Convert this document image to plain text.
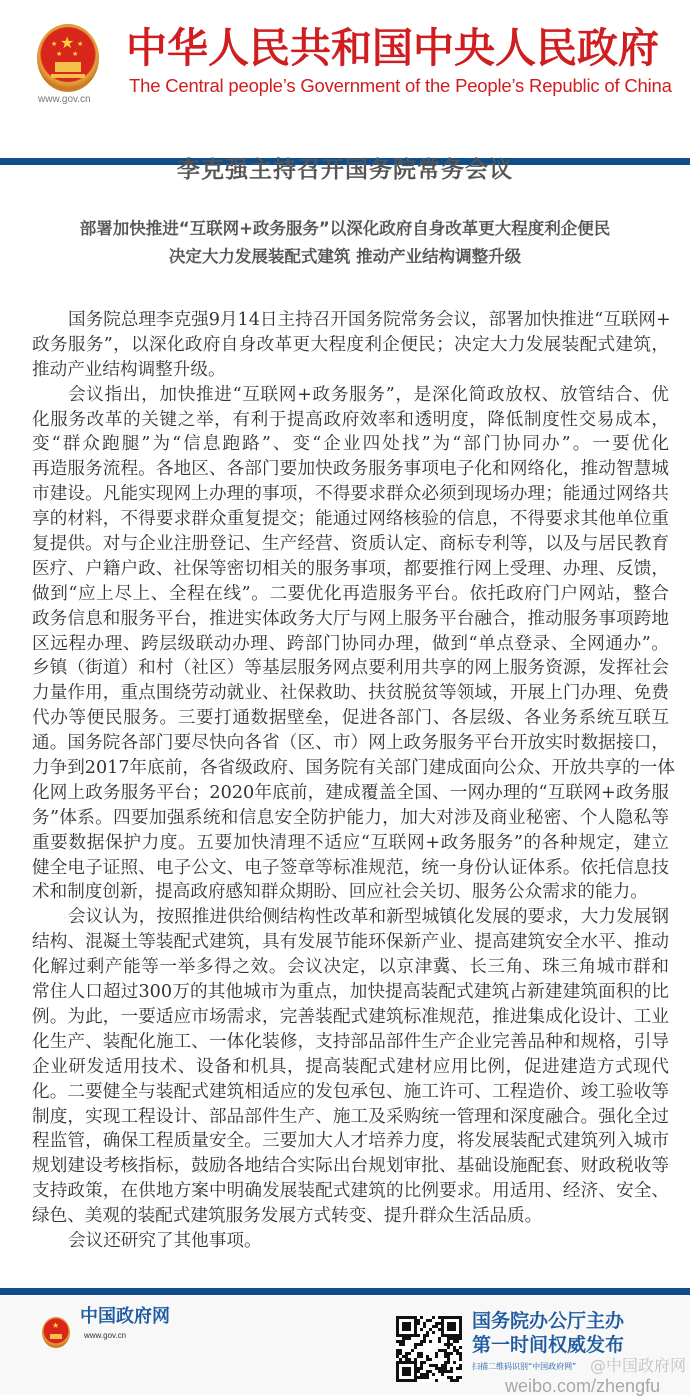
★
★	★
★ ★
www.gov.cn
中华人民共和国中央人民政府
The Central people’s Government of the People’s Republic of China
李克强主持召开国务院常务会议
部署加快推进“互联网+政务服务”以深化政府自身改革更大程度利企便民
决定大力发展装配式建筑 推动产业结构调整升级
国务院总理李克强9月14日主持召开国务院常务会议，部署加快推进“互联网+
政务服务”，以深化政府自身改革更大程度利企便民；决定大力发展装配式建筑，
推动产业结构调整升级。
会议指出，加快推进“互联网+政务服务”，是深化简政放权、放管结合、优
化服务改革的关键之举，有利于提高政府效率和透明度，降低制度性交易成本，
变“群众跑腿”为“信息跑路”、变“企业四处找”为“部门协同办”。一要优化
再造服务流程。各地区、各部门要加快政务服务事项电子化和网络化，推动智慧城
市建设。凡能实现网上办理的事项，不得要求群众必须到现场办理；能通过网络共
享的材料，不得要求群众重复提交；能通过网络核验的信息，不得要求其他单位重
复提供。对与企业注册登记、生产经营、资质认定、商标专利等，以及与居民教育
医疗、户籍户政、社保等密切相关的服务事项，都要推行网上受理、办理、反馈，
做到“应上尽上、全程在线”。二要优化再造服务平台。依托政府门户网站，整合
政务信息和服务平台，推进实体政务大厅与网上服务平台融合，推动服务事项跨地
区远程办理、跨层级联动办理、跨部门协同办理，做到“单点登录、全网通办”。
乡镇（街道）和村（社区）等基层服务网点要利用共享的网上服务资源，发挥社会
力量作用，重点围绕劳动就业、社保救助、扶贫脱贫等领域，开展上门办理、免费
代办等便民服务。三要打通数据壁垒，促进各部门、各层级、各业务系统互联互
通。国务院各部门要尽快向各省（区、市）网上政务服务平台开放实时数据接口，
力争到2017年底前，各省级政府、国务院有关部门建成面向公众、开放共享的一体
化网上政务服务平台；2020年底前，建成覆盖全国、一网办理的“互联网+政务服
务”体系。四要加强系统和信息安全防护能力，加大对涉及商业秘密、个人隐私等
重要数据保护力度。五要加快清理不适应“互联网+政务服务”的各种规定，建立
健全电子证照、电子公文、电子签章等标准规范，统一身份认证体系。依托信息技
术和制度创新，提高政府感知群众期盼、回应社会关切、服务公众需求的能力。
会议认为，按照推进供给侧结构性改革和新型城镇化发展的要求，大力发展钢
结构、混凝土等装配式建筑，具有发展节能环保新产业、提高建筑安全水平、推动
化解过剩产能等一举多得之效。会议决定，以京津冀、长三角、珠三角城市群和
常住人口超过300万的其他城市为重点，加快提高装配式建筑占新建建筑面积的比
例。为此，一要适应市场需求，完善装配式建筑标准规范，推进集成化设计、工业
化生产、装配化施工、一体化装修，支持部品部件生产企业完善品种和规格，引导
企业研发适用技术、设备和机具，提高装配式建材应用比例，促进建造方式现代
化。二要健全与装配式建筑相适应的发包承包、施工许可、工程造价、竣工验收等
制度，实现工程设计、部品部件生产、施工及采购统一管理和深度融合。强化全过
程监管，确保工程质量安全。三要加大人才培养力度，将发展装配式建筑列入城市
规划建设考核指标，鼓励各地结合实际出台规划审批、基础设施配套、财政税收等
支持政策，在供地方案中明确发展装配式建筑的比例要求。用适用、经济、安全、
绿色、美观的装配式建筑服务发展方式转变、提升群众生活品质。
会议还研究了其他事项。
★ 中国政府网
www.gov.cn
国务院办公厅主办
第一时间权威发布
扫描二维码识别“中国政府网” @中国政府网
weibo.com/zhengfu
